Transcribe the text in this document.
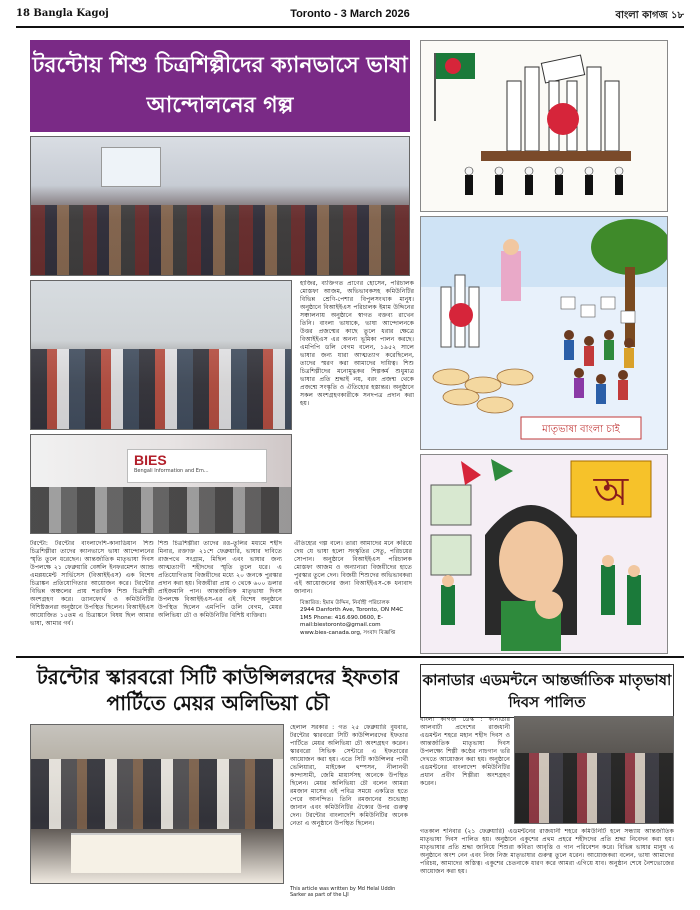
18 Bangla Kagoj	Toronto - 3 March 2026	বাংলা কাগজ ১৮
টরন্টোয় শিশু চিত্রশিল্পীদের ক্যানভাসে ভাষা আন্দোলনের গল্প
BIES
Bengali Information and Em...
মাতৃভাষা বাংলা চাই
অ

হাজির, ব্যক্তিগত প্রাণের হোসেন, পরিচালক মোস্তফা আজম, অভিভাবকসহ কমিউনিটির বিভিন্ন শ্রেণি-পেশার বিপুলসংখ্যক মানুষ। অনুষ্ঠানে বিআইইএস পরিচালক ইমাম উদ্দিনের সঞ্চালনায় অনুষ্ঠানে স্বাগত বক্তব্য রাখেন তিনি। বাংলা ভাষাকে, ভাষা আন্দোলনকে উত্তর প্রজন্মের কাছে তুলে ধরার ক্ষেত্রে বিআইইএস এর অনন্য ভূমিকা পালন করছে। এমপিপি ডলি বেগম বলেন, ১৯৫২ সালে ভাষার জন্য যারা আত্মত্যাগ করেছিলেন, তাদের স্মরণ করা আমাদের দায়িত্ব। শিশু চিত্রশিল্পীদের মনোমুগ্ধকর শিল্পকর্ম শুধুমাত্র ভাষার প্রতি শ্রদ্ধাই নয়, বরং প্রজন্ম থেকে প্রজন্মে সংস্কৃতি ও ঐতিহ্যের হস্তান্তর। অনুষ্ঠানে সকল অংশগ্রহণকারীকে সনদপত্র প্রদান করা হয়।

টরন্টো: টরন্টোর বাংলাদেশি-কানাডিয়ান শিশু চিত্রশিল্পীরা তাদের ক্যানভাসে ভাষা আন্দোলনের স্মৃতি তুলে ধরেছেন। আন্তর্জাতিক মাতৃভাষা দিবস উপলক্ষে ২১ ফেব্রুয়ারি বেঙ্গলি ইনফরমেশন অ্যান্ড এমপ্লয়মেন্ট সার্ভিসেস (বিআইইএস) এক বিশেষ চিত্রাঙ্কন প্রতিযোগিতার আয়োজন করে। টরন্টোর বিভিন্ন অঞ্চলের প্রায় শতাধিক শিশু চিত্রশিল্পী অংশগ্রহণ করে। ড্যানফোর্থ ও কমিউনিটির বিশিষ্টজনরা অনুষ্ঠানে উপস্থিত ছিলেন। বিআইইএস আয়োজিত ১৫তম এ চিত্রাঙ্কনে বিষয় ছিল আমার ভাষা, আমার গর্ব।

শিশু চিত্রশিল্পীরা তাদের রঙ-তুলির মধ্যমে শহীদ মিনার, রক্তাক্ত ২১শে ফেব্রুয়ারি, ভাষার দাবিতে রাজপথে সংগ্রাম, মিছিল এবং ভাষার জন্য আত্মত্যাগী শহীদদের স্মৃতি তুলে ধরে। এ প্রতিযোগিতায় বিজয়ীদের মধ্যে ২০ জনকে পুরস্কার প্রদান করা হয়। বিজয়ীরা প্রায় ৩ থেকে ৬০০ ডলার প্রাইজমানি পান। আন্তর্জাতিক মাতৃভাষা দিবস উপলক্ষে বিআইইএস-এর এই বিশেষ অনুষ্ঠানে উপস্থিত ছিলেন এমপিপি ডলি বেগম, মেয়র অলিভিয়া চৌ ও কমিউনিটির বিশিষ্ট ব্যক্তিরা।

ঐতিহ্যের গল্প বলে। তারা আমাদের মনে করিয়ে দেয় যে ভাষা হলো সংস্কৃতির সেতু, পরিচয়ের সোপান। অনুষ্ঠানে বিআইইএস পরিচালক মোস্তফা আজম ও অন্যান্যরা বিজয়ীদের হাতে পুরস্কার তুলে দেন। বিজয়ী শিশুদের অভিভাবকরা এই আয়োজনের জন্য বিআইইএস-কে ধন্যবাদ জানান।

বিস্তারিত: ইমাম উদ্দিন, নির্বাহী পরিচালক
2944 Danforth Ave, Toronto, ON M4C 1M5 Phone: 416.690.0600, E-mail:biestoronto@gmail.com
www.bies-canada.org, সংবাদ বিজ্ঞপ্তি
টরন্টোর স্কারবরো সিটি কাউন্সিলরদের ইফতার পার্টিতে মেয়র অলিভিয়া চৌ

হেলাল সরকার : গত ২৫ ফেব্রুয়ারি বুধবার, টরন্টোর স্কারবরো সিটি কাউন্সিলরদের ইফতার পার্টিতে মেয়র অলিভিয়া চৌ অংশগ্রহণ করেন। স্কারবরো সিভিক সেন্টারে এ ইফতারের আয়োজন করা হয়। এতে সিটি কাউন্সিলর পার্থী ভেলিয়ারা, মাইকেল থম্পসন, নীলানথী কান্দাসামী, জেমি মায়ার্সসহ অনেকে উপস্থিত ছিলেন। মেয়র অলিভিয়া চৌ বলেন আমরা রমজান মাসের এই পবিত্র সময়ে একত্রিত হতে পেরে আনন্দিত। তিনি রমজানের শুভেচ্ছা জানান এবং কমিউনিটির ঐক্যের উপর গুরুত্ব দেন। টরন্টোর বাংলাদেশি কমিউনিটির অনেক নেতা এ অনুষ্ঠানে উপস্থিত ছিলেন।

This article was written by Md Helal Uddin Sarker as part of the LJI
কানাডার এডমন্টনে আন্তর্জাতিক মাতৃভাষা দিবস পালিত

বাংলা কাগজ ডেস্ক : কানাডার আলবার্টা প্রদেশের রাজধানী এডমন্টন শহরে মহান শহীদ দিবস ও আন্তর্জাতিক মাতৃভাষা দিবস উপলক্ষ্যে শিল্পী কণ্ঠের নাচগান ভরি দেখতে আয়োজন করা হয়। অনুষ্ঠানে এডমন্টনের বাংলাদেশ কমিউনিটির প্রধান প্রবীণ শিল্পীরা অংশগ্রহণ করেন।

গতকাল শনিবার (২১ ফেব্রুয়ারি) এডমন্টনের রাজধানী শহরে কমিউনিটি হলে সন্ধ্যায় আন্তর্জাতিক মাতৃভাষা দিবস পালিত হয়। অনুষ্ঠানে একুশের প্রথম প্রহরে শহীদদের প্রতি শ্রদ্ধা নিবেদন করা হয়। মাতৃভাষার প্রতি শ্রদ্ধা জানিয়ে শিশুরা কবিতা আবৃত্তি ও গান পরিবেশন করে। বিভিন্ন ভাষার মানুষ এ অনুষ্ঠানে অংশ নেন এবং নিজ নিজ মাতৃভাষার গুরুত্ব তুলে ধরেন। আয়োজকরা বলেন, ভাষা আমাদের পরিচয়, আমাদের অস্তিত্ব। একুশের চেতনাকে ধারণ করে আমরা এগিয়ে যাব। অনুষ্ঠান শেষে নৈশভোজের আয়োজন করা হয়।
